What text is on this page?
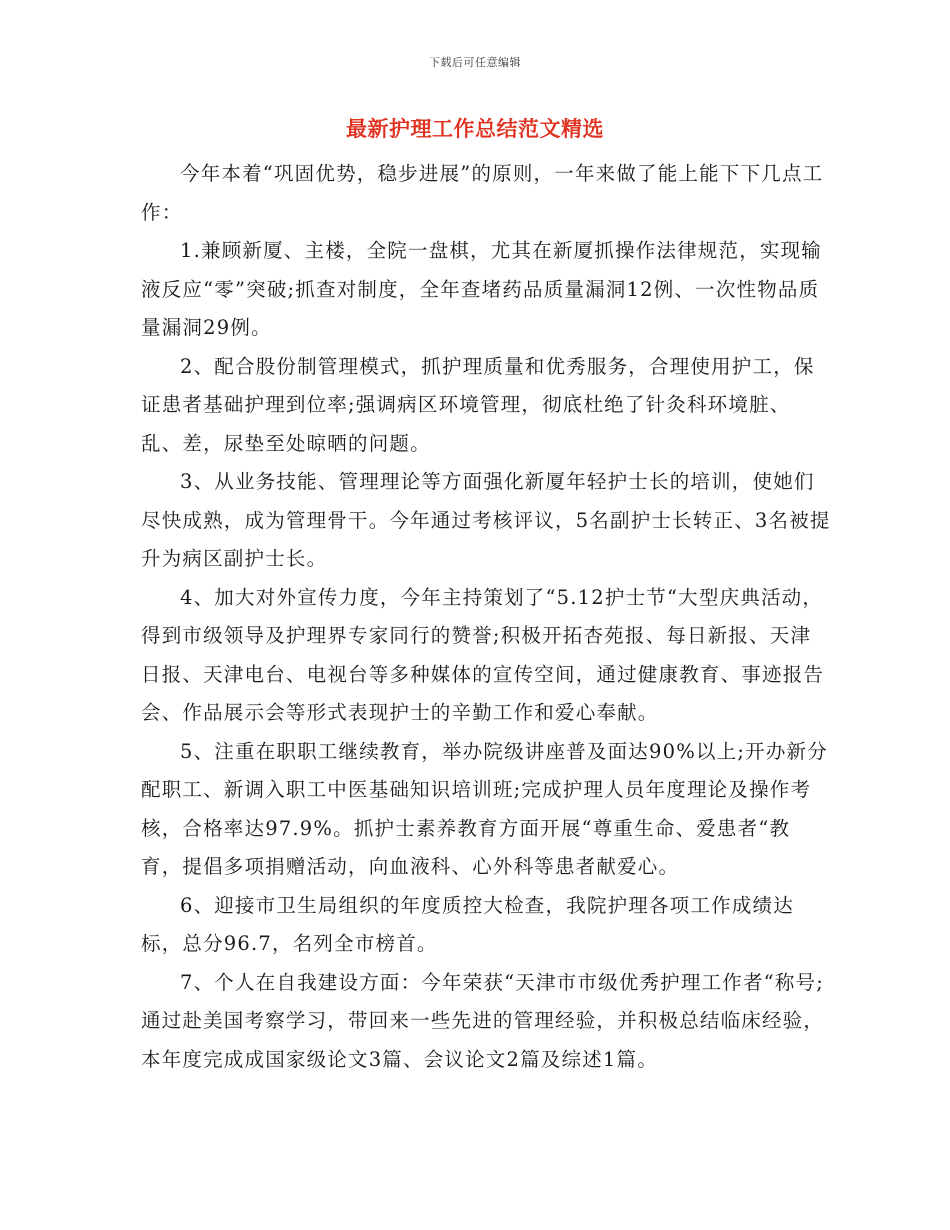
下载后可任意编辑
最新护理工作总结范文精选

今年本着“巩固优势，稳步进展”的原则，一年来做了能上能下下几点工作：

1.兼顾新厦、主楼，全院一盘棋，尤其在新厦抓操作法律规范，实现输液反应“零”突破;抓查对制度，全年查堵药品质量漏洞12例、一次性物品质量漏洞29例。

2、配合股份制管理模式，抓护理质量和优秀服务，合理使用护工，保证患者基础护理到位率;强调病区环境管理，彻底杜绝了针灸科环境脏、乱、差，尿垫至处晾晒的问题。

3、从业务技能、管理理论等方面强化新厦年轻护士长的培训，使她们尽快成熟，成为管理骨干。今年通过考核评议，5名副护士长转正、3名被提升为病区副护士长。

4、加大对外宣传力度，今年主持策划了“5.12护士节“大型庆典活动，得到市级领导及护理界专家同行的赞誉;积极开拓杏苑报、每日新报、天津日报、天津电台、电视台等多种媒体的宣传空间，通过健康教育、事迹报告会、作品展示会等形式表现护士的辛勤工作和爱心奉献。

5、注重在职职工继续教育，举办院级讲座普及面达90%以上;开办新分配职工、新调入职工中医基础知识培训班;完成护理人员年度理论及操作考核，合格率达97.9%。抓护士素养教育方面开展“尊重生命、爱患者“教育，提倡多项捐赠活动，向血液科、心外科等患者献爱心。

6、迎接市卫生局组织的年度质控大检查，我院护理各项工作成绩达标，总分96.7，名列全市榜首。

7、个人在自我建设方面：今年荣获“天津市市级优秀护理工作者“称号;通过赴美国考察学习，带回来一些先进的管理经验，并积极总结临床经验，本年度完成成国家级论文3篇、会议论文2篇及综述1篇。
